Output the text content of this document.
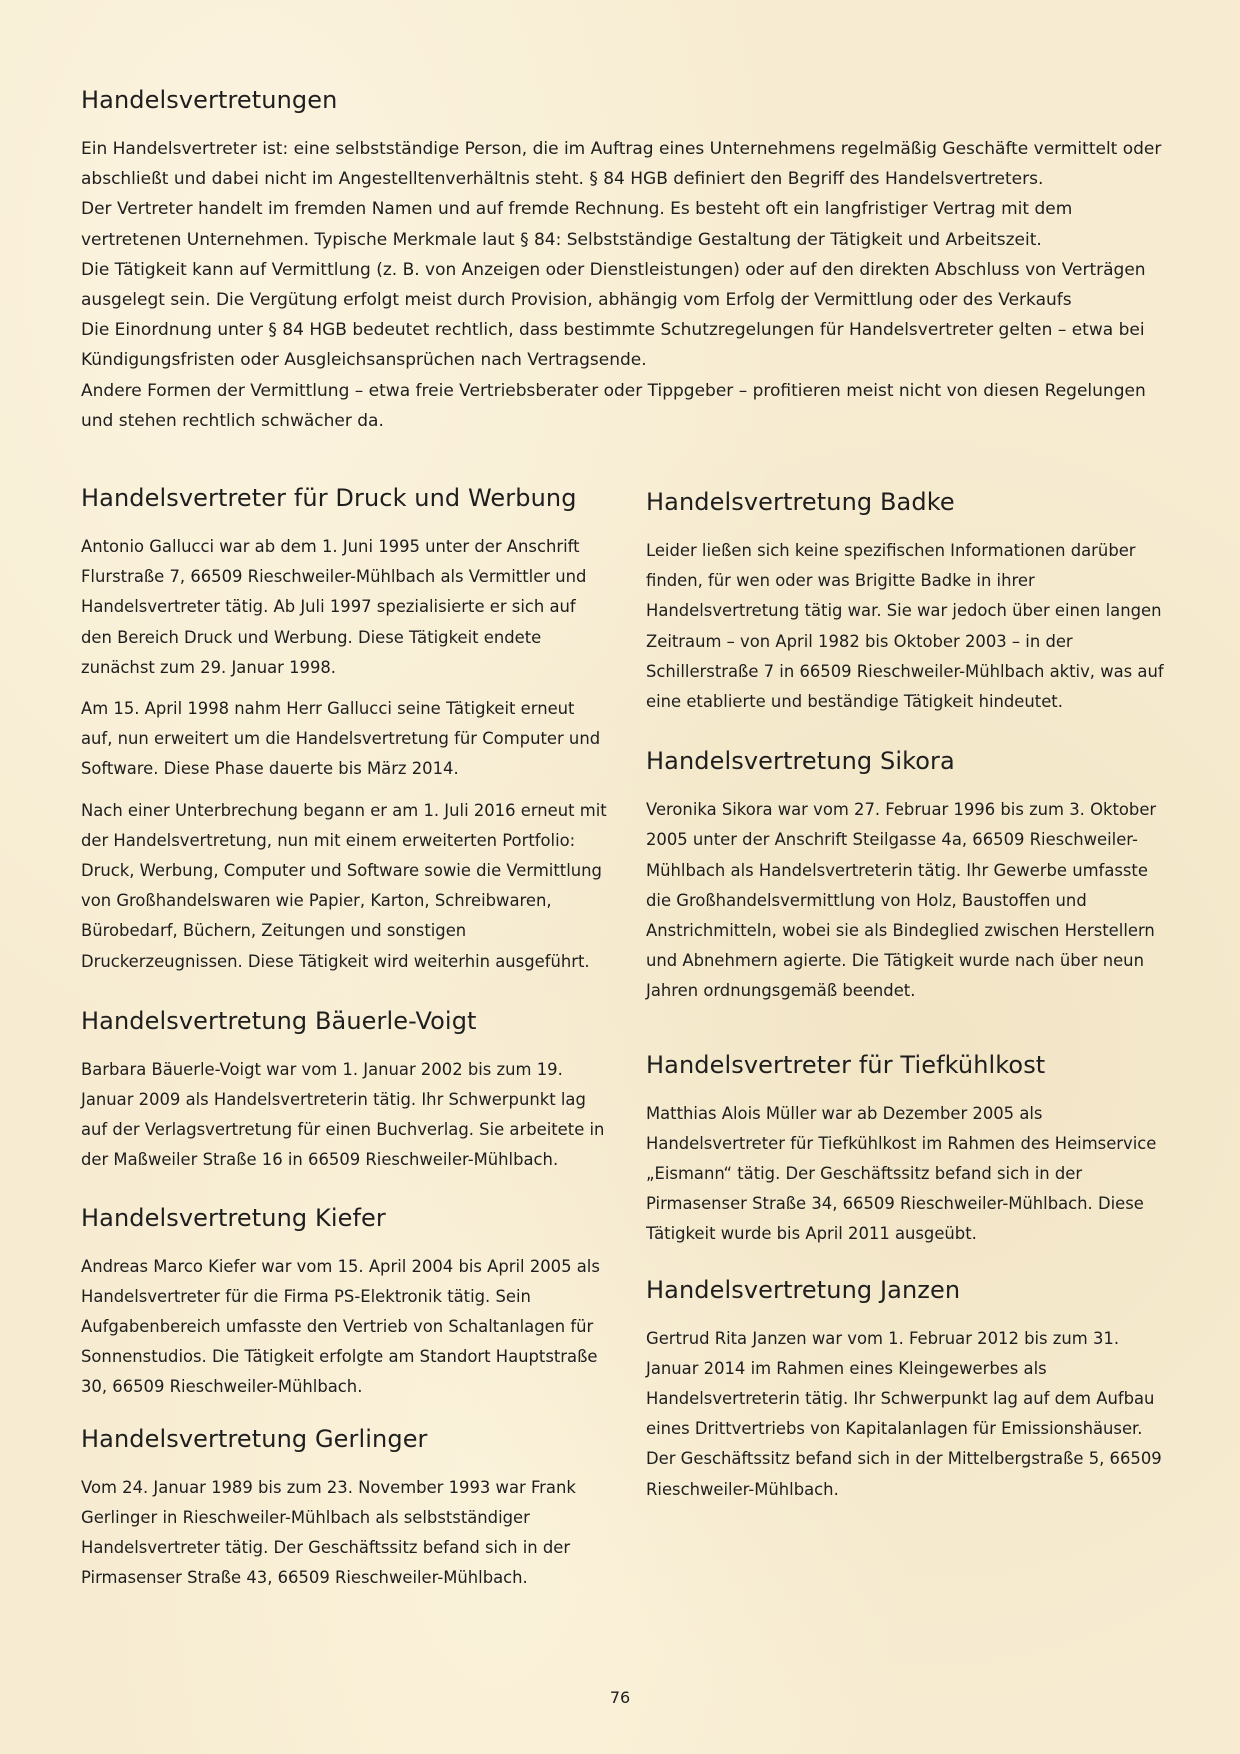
Handelsvertretungen

Ein Handelsvertreter ist: eine selbstständige Person, die im Auftrag eines Unternehmens regelmäßig Geschäfte vermittelt oder abschließt und dabei nicht im Angestelltenverhältnis steht. § 84 HGB definiert den Begriff des Handelsvertreters.

Der Vertreter handelt im fremden Namen und auf fremde Rechnung. Es besteht oft ein langfristiger Vertrag mit dem vertretenen Unternehmen. Typische Merkmale laut § 84: Selbstständige Gestaltung der Tätigkeit und Arbeitszeit.

Die Tätigkeit kann auf Vermittlung (z. B. von Anzeigen oder Dienstleistungen) oder auf den direkten Abschluss von Verträgen ausgelegt sein. Die Vergütung erfolgt meist durch Provision, abhängig vom Erfolg der Vermittlung oder des Verkaufs

Die Einordnung unter § 84 HGB bedeutet rechtlich, dass bestimmte Schutzregelungen für Handelsvertreter gelten – etwa bei Kündigungsfristen oder Ausgleichsansprüchen nach Vertragsende.

Andere Formen der Vermittlung – etwa freie Vertriebsberater oder Tippgeber – profitieren meist nicht von diesen Regelungen und stehen rechtlich schwächer da.

Handelsvertreter für Druck und Werbung

Antonio Gallucci war ab dem 1. Juni 1995 unter der Anschrift Flurstraße 7, 66509 Rieschweiler-Mühlbach als Vermittler und Handelsvertreter tätig. Ab Juli 1997 spezialisierte er sich auf den Bereich Druck und Werbung. Diese Tätigkeit endete zunächst zum 29. Januar 1998.

Am 15. April 1998 nahm Herr Gallucci seine Tätigkeit erneut auf, nun erweitert um die Handelsvertretung für Computer und Software. Diese Phase dauerte bis März 2014.

Nach einer Unterbrechung begann er am 1. Juli 2016 erneut mit der Handelsvertretung, nun mit einem erweiterten Portfolio: Druck, Werbung, Computer und Software sowie die Vermittlung von Großhandelswaren wie Papier, Karton, Schreibwaren, Bürobedarf, Büchern, Zeitungen und sonstigen Druckerzeugnissen. Diese Tätigkeit wird weiterhin ausgeführt.

Handelsvertretung Bäuerle-Voigt

Barbara Bäuerle-Voigt war vom 1. Januar 2002 bis zum 19. Januar 2009 als Handelsvertreterin tätig. Ihr Schwerpunkt lag auf der Verlagsvertretung für einen Buchverlag. Sie arbeitete in der Maßweiler Straße 16 in 66509 Rieschweiler-Mühlbach.

Handelsvertretung Kiefer

Andreas Marco Kiefer war vom 15. April 2004 bis April 2005 als Handelsvertreter für die Firma PS-Elektronik tätig. Sein Aufgabenbereich umfasste den Vertrieb von Schaltanlagen für Sonnenstudios. Die Tätigkeit erfolgte am Standort Hauptstraße 30, 66509 Rieschweiler-Mühlbach.

Handelsvertretung Gerlinger

Vom 24. Januar 1989 bis zum 23. November 1993 war Frank Gerlinger in Rieschweiler-Mühlbach als selbstständiger Handelsvertreter tätig. Der Geschäftssitz befand sich in der Pirmasenser Straße 43, 66509 Rieschweiler-Mühlbach.

Handelsvertretung Badke

Leider ließen sich keine spezifischen Informationen darüber finden, für wen oder was Brigitte Badke in ihrer Handelsvertretung tätig war. Sie war jedoch über einen langen Zeitraum – von April 1982 bis Oktober 2003 – in der Schillerstraße 7 in 66509 Rieschweiler-Mühlbach aktiv, was auf eine etablierte und beständige Tätigkeit hindeutet.

Handelsvertretung Sikora

Veronika Sikora war vom 27. Februar 1996 bis zum 3. Oktober 2005 unter der Anschrift Steilgasse 4a, 66509 Rieschweiler-Mühlbach als Handelsvertreterin tätig. Ihr Gewerbe umfasste die Großhandelsvermittlung von Holz, Baustoffen und Anstrichmitteln, wobei sie als Bindeglied zwischen Herstellern und Abnehmern agierte. Die Tätigkeit wurde nach über neun Jahren ordnungsgemäß beendet.

Handelsvertreter für Tiefkühlkost

Matthias Alois Müller war ab Dezember 2005 als Handelsvertreter für Tiefkühlkost im Rahmen des Heimservice „Eismann“ tätig. Der Geschäftssitz befand sich in der Pirmasenser Straße 34, 66509 Rieschweiler-Mühlbach. Diese Tätigkeit wurde bis April 2011 ausgeübt.

Handelsvertretung Janzen

Gertrud Rita Janzen war vom 1. Februar 2012 bis zum 31. Januar 2014 im Rahmen eines Kleingewerbes als Handelsvertreterin tätig. Ihr Schwerpunkt lag auf dem Aufbau eines Drittvertriebs von Kapitalanlagen für Emissionshäuser. Der Geschäftssitz befand sich in der Mittelbergstraße 5, 66509 Rieschweiler-Mühlbach.

76
